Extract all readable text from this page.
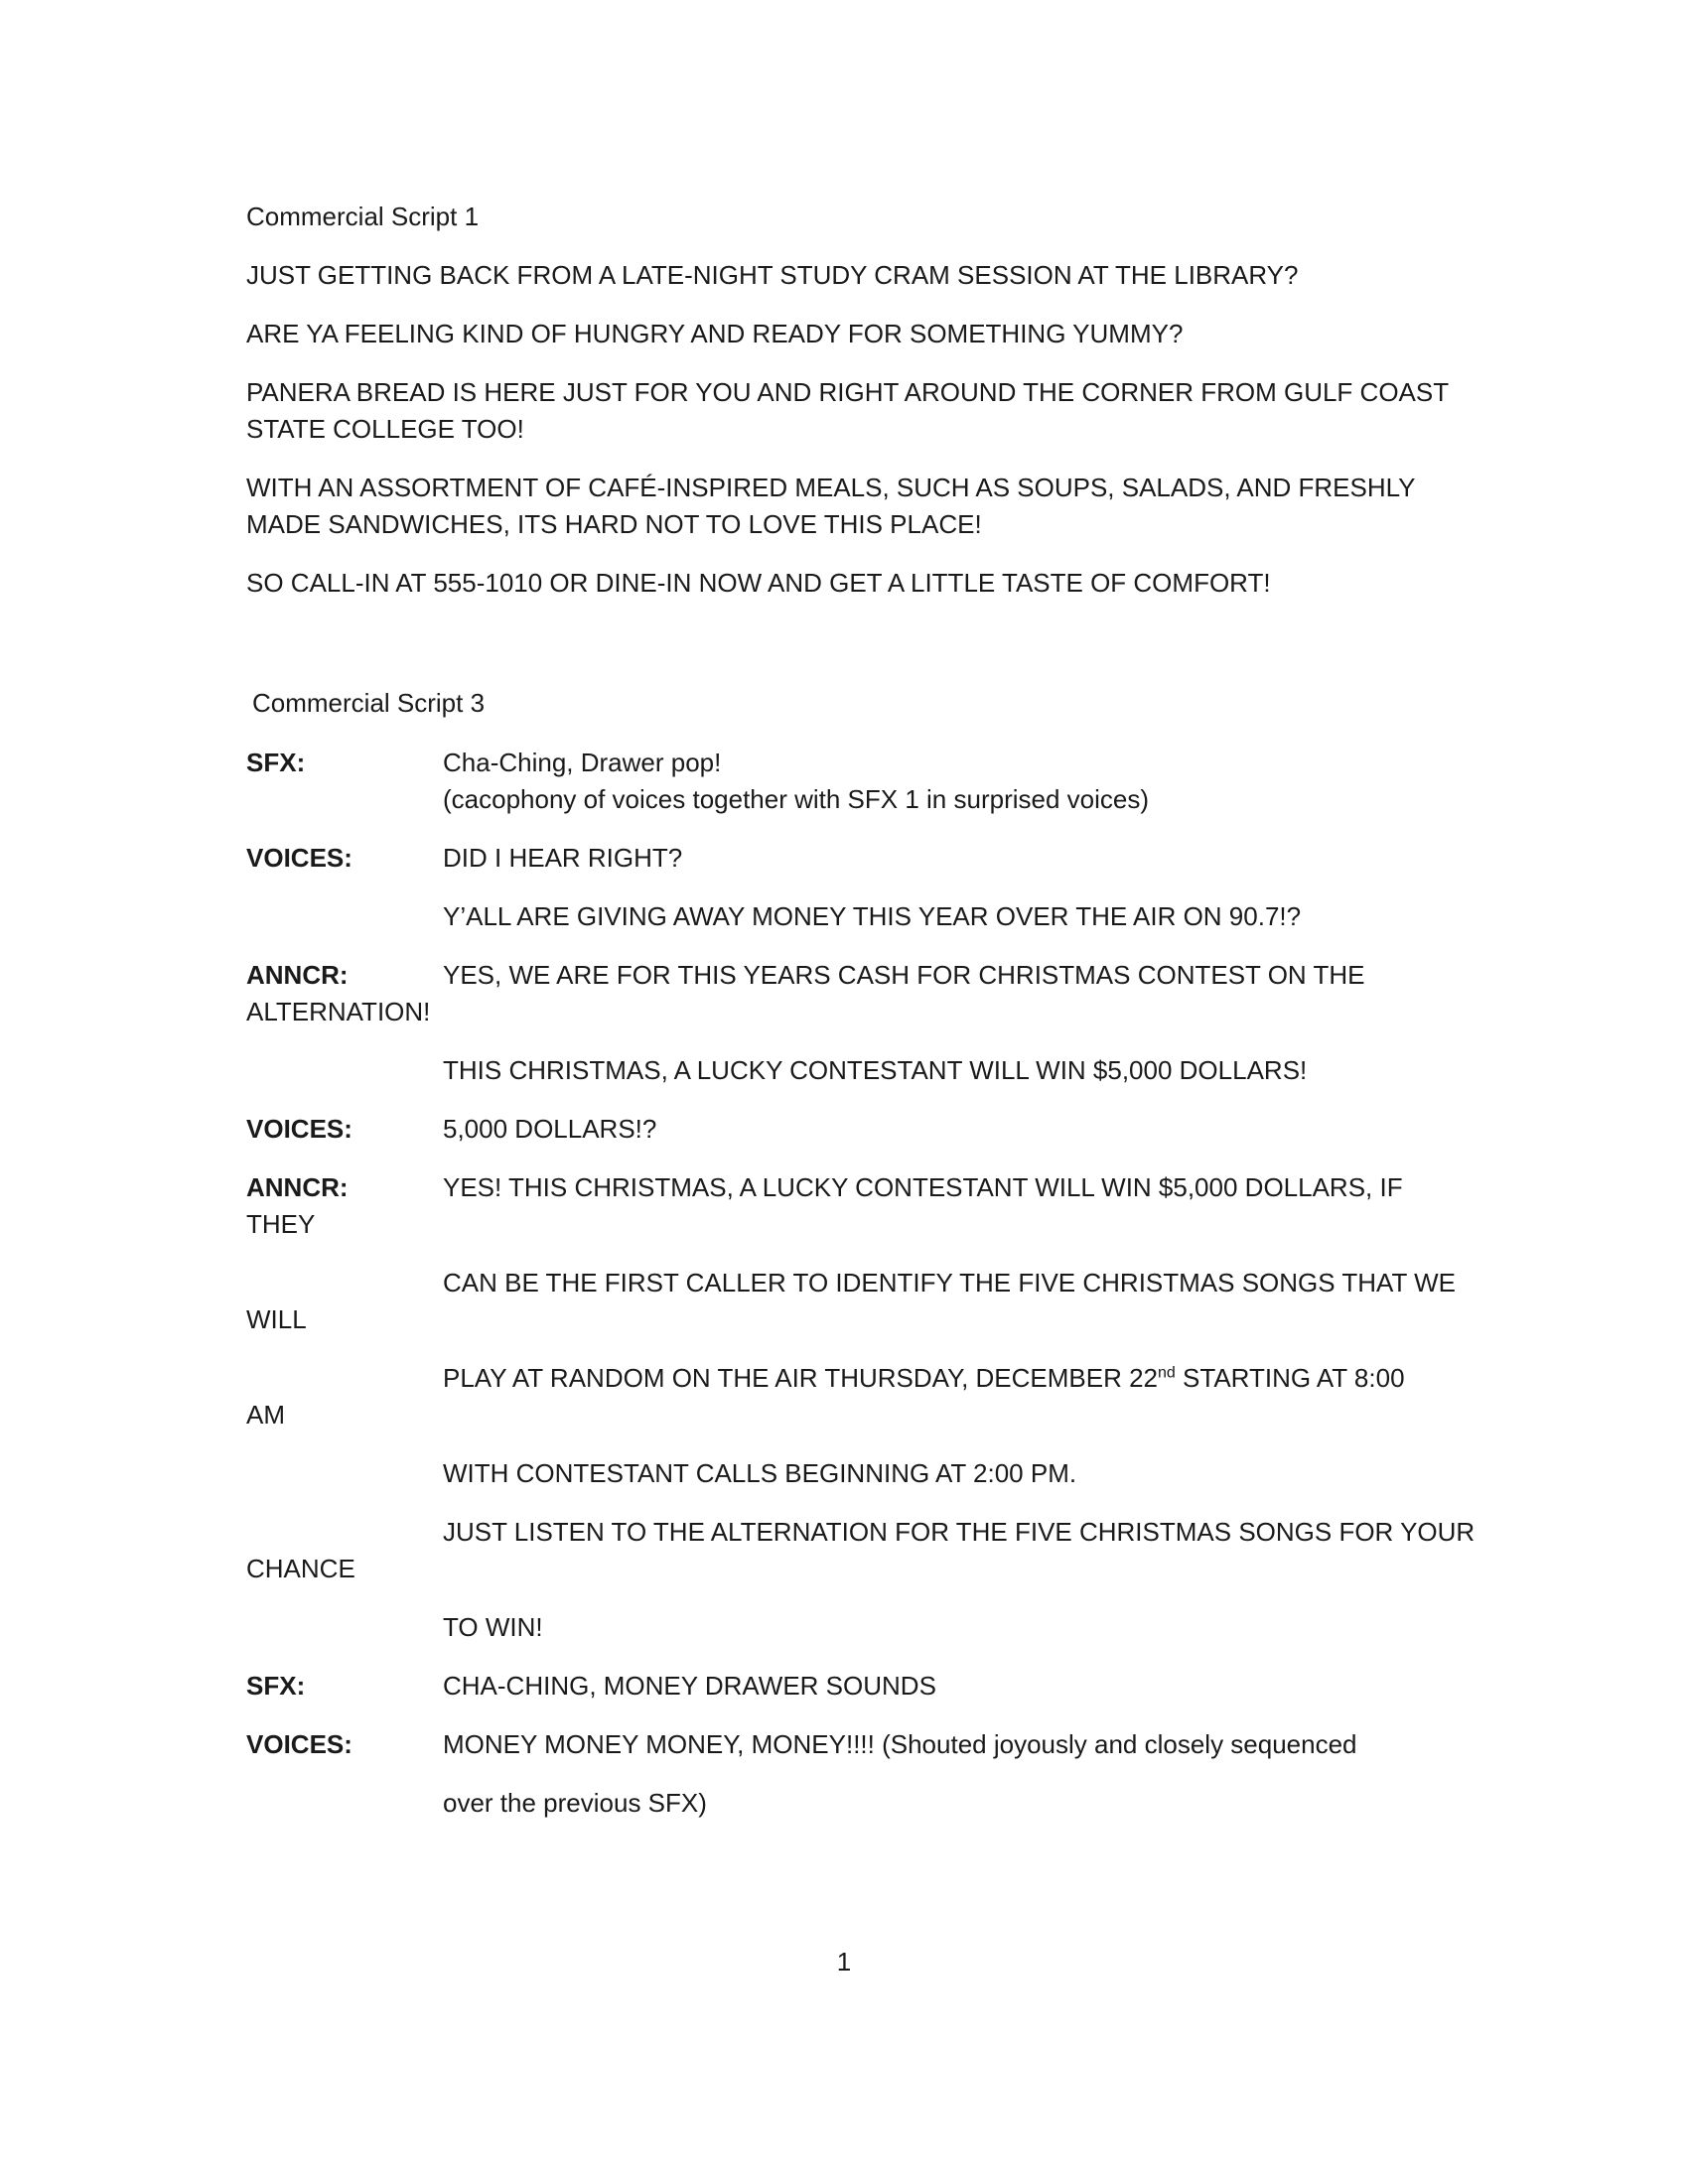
Commercial Script 1
JUST GETTING BACK FROM A LATE-NIGHT STUDY CRAM SESSION AT THE LIBRARY?
ARE YA FEELING KIND OF HUNGRY AND READY FOR SOMETHING YUMMY?
PANERA BREAD IS HERE JUST FOR YOU AND RIGHT AROUND THE CORNER FROM GULF COAST
STATE COLLEGE TOO!
WITH AN ASSORTMENT OF CAFÉ-INSPIRED MEALS, SUCH AS SOUPS, SALADS, AND FRESHLY
MADE SANDWICHES, ITS HARD NOT TO LOVE THIS PLACE!
SO CALL-IN AT 555-1010 OR DINE-IN NOW AND GET A LITTLE TASTE OF COMFORT!
Commercial Script 3
SFX:	Cha-Ching, Drawer pop!
(cacophony of voices together with SFX 1 in surprised voices)
VOICES:	DID I HEAR RIGHT?
Y’ALL ARE GIVING AWAY MONEY THIS YEAR OVER THE AIR ON 90.7!?
ANNCR:	YES, WE ARE FOR THIS YEARS CASH FOR CHRISTMAS CONTEST ON THE
ALTERNATION!
THIS CHRISTMAS, A LUCKY CONTESTANT WILL WIN $5,000 DOLLARS!
VOICES:	5,000 DOLLARS!?
ANNCR:	YES! THIS CHRISTMAS, A LUCKY CONTESTANT WILL WIN $5,000 DOLLARS, IF
THEY
CAN BE THE FIRST CALLER TO IDENTIFY THE FIVE CHRISTMAS SONGS THAT WE
WILL
PLAY AT RANDOM ON THE AIR THURSDAY, DECEMBER 22nd STARTING AT 8:00
AM
WITH CONTESTANT CALLS BEGINNING AT 2:00 PM.
JUST LISTEN TO THE ALTERNATION FOR THE FIVE CHRISTMAS SONGS FOR YOUR
CHANCE
TO WIN!
SFX:	CHA-CHING, MONEY DRAWER SOUNDS
VOICES:	MONEY MONEY MONEY, MONEY!!!! (Shouted joyously and closely sequenced
over the previous SFX)
1
